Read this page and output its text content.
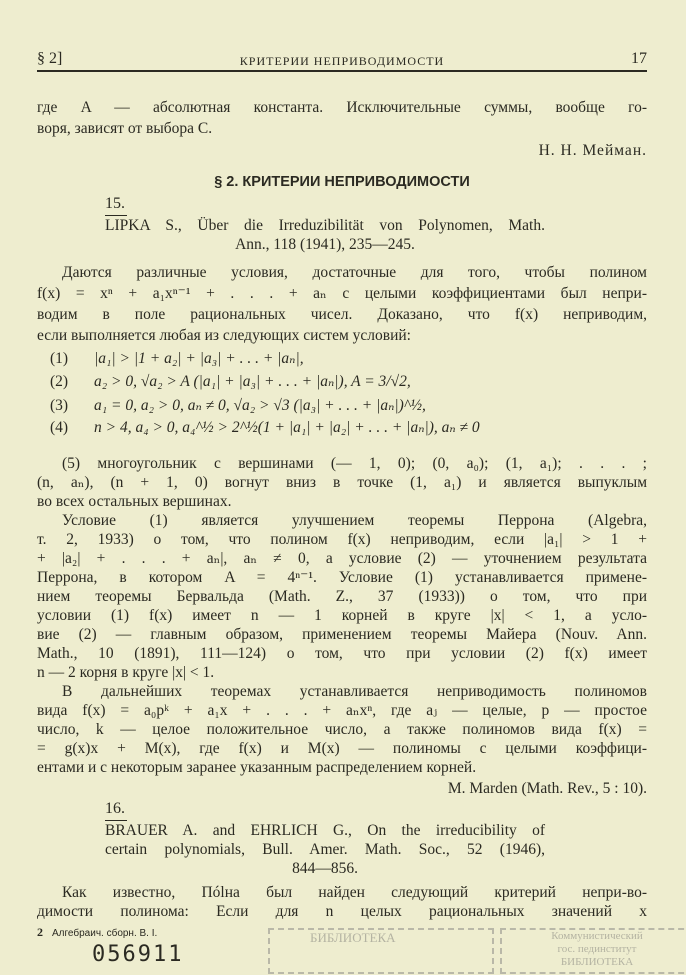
§ 2]	КРИТЕРИИ НЕПРИВОДИМОСТИ	17
где A — абсолютная константа. Исключительные суммы, вообще го-
воря, зависят от выбора C.
Н. Н. Мейман.
§ 2. КРИТЕРИИ НЕПРИВОДИМОСТИ
15.
LIPKA S., Über die Irreduzibilität von Polynomen, Math.
Ann., 118 (1941), 235—245.
Даются различные условия, достаточные для того, чтобы полином
f(x) = xⁿ + a₁xⁿ⁻¹ + . . . + aₙ с целыми коэффициентами был непри-
водим в поле рациональных чисел. Доказано, что f(x) неприводим,
если выполняется любая из следующих систем условий:
(1) |a₁| > |1 + a₂| + |a₃| + . . . + |aₙ|,
(2) a₂ > 0, √a₂ > A (|a₁| + |a₃| + . . . + |aₙ|), A = 3/√2,
(3) a₁ = 0, a₂ > 0, aₙ ≠ 0, √a₂ > √3 (|a₃| + . . . + |aₙ|)^½,
(4) n > 4, a₄ > 0, a₄^½ > 2^½(1 + |a₁| + |a₂| + . . . + |aₙ|), aₙ ≠ 0
(5) многоугольник с вершинами (— 1, 0); (0, a₀); (1, a₁); . . . ;
(n, aₙ), (n + 1, 0) вогнут вниз в точке (1, a₁) и является выпуклым
во всех остальных вершинах.
Условие (1) является улучшением теоремы Перрона (Algebra,
т. 2, 1933) о том, что полином f(x) неприводим, если |a₁| > 1 +
+ |a₂| + . . . + aₙ|, aₙ ≠ 0, а условие (2) — уточнением результата
Перрона, в котором A = 4ⁿ⁻¹. Условие (1) устанавливается примене-
нием теоремы Бервальда (Math. Z., 37 (1933)) о том, что при
условии (1) f(x) имеет n — 1 корней в круге |x| < 1, а усло-
вие (2) — главным образом, применением теоремы Майера (Nouv. Ann.
Math., 10 (1891), 111—124) о том, что при условии (2) f(x) имеет
n — 2 корня в круге |x| < 1.
В дальнейших теоремах устанавливается неприводимость полиномов
вида f(x) = a₀pᵏ + a₁x + . . . + aₙxⁿ, где aⱼ — целые, p — простое
число, k — целое положительное число, а также полиномов вида f(x) =
= g(x)x + M(x), где f(x) и M(x) — полиномы с целыми коэффици-
ентами и с некоторым заранее указанным распределением корней.
M. Marden (Math. Rev., 5 : 10).
16.
BRAUER A. and EHRLICH G., On the irreducibility of
certain polynomials, Bull. Amer. Math. Soc., 52 (1946),
844—856.
Как известно, Пólна был найден следующий критерий непри-во-
димости полинома: Если для n целых рациональных значений x
2 Алгебраич. сборн. В. I.
056911
БИБЛИОТЕКА	Коммунистический
гос. пединститут
БИБЛИОТЕКА
